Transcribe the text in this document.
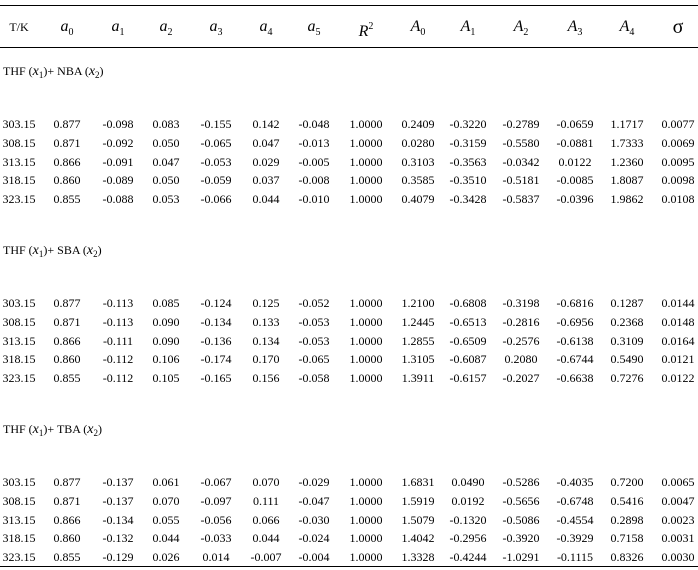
T/K	$a_0$	$a_1$	$a_2$	$a_3$	$a_4$	$a_5$	$R^2$	$A_0$	$A_1$	$A_2$	$A_3$	$A_4$	σ
THF $(x_1)+$ NBA $(x_2)$
303.15	0.877	-0.098	0.083	-0.155	0.142	-0.048	1.0000	0.2409	-0.3220	-0.2789	-0.0659	1.1717	0.0077
308.15	0.871	-0.092	0.050	-0.065	0.047	-0.013	1.0000	0.0280	-0.3159	-0.5580	-0.0881	1.7333	0.0069
313.15	0.866	-0.091	0.047	-0.053	0.029	-0.005	1.0000	0.3103	-0.3563	-0.0342	0.0122	1.2360	0.0095
318.15	0.860	-0.089	0.050	-0.059	0.037	-0.008	1.0000	0.3585	-0.3510	-0.5181	-0.0085	1.8087	0.0098
323.15	0.855	-0.088	0.053	-0.066	0.044	-0.010	1.0000	0.4079	-0.3428	-0.5837	-0.0396	1.9862	0.0108
THF $(x_1)+$ SBA $(x_2)$
303.15	0.877	-0.113	0.085	-0.124	0.125	-0.052	1.0000	1.2100	-0.6808	-0.3198	-0.6816	0.1287	0.0144
308.15	0.871	-0.113	0.090	-0.134	0.133	-0.053	1.0000	1.2445	-0.6513	-0.2816	-0.6956	0.2368	0.0148
313.15	0.866	-0.111	0.090	-0.136	0.134	-0.053	1.0000	1.2855	-0.6509	-0.2576	-0.6138	0.3109	0.0164
318.15	0.860	-0.112	0.106	-0.174	0.170	-0.065	1.0000	1.3105	-0.6087	0.2080	-0.6744	0.5490	0.0121
323.15	0.855	-0.112	0.105	-0.165	0.156	-0.058	1.0000	1.3911	-0.6157	-0.2027	-0.6638	0.7276	0.0122
THF $(x_1)+$ TBA $(x_2)$
303.15	0.877	-0.137	0.061	-0.067	0.070	-0.029	1.0000	1.6831	0.0490	-0.5286	-0.4035	0.7200	0.0065
308.15	0.871	-0.137	0.070	-0.097	0.111	-0.047	1.0000	1.5919	0.0192	-0.5656	-0.6748	0.5416	0.0047
313.15	0.866	-0.134	0.055	-0.056	0.066	-0.030	1.0000	1.5079	-0.1320	-0.5086	-0.4554	0.2898	0.0023
318.15	0.860	-0.132	0.044	-0.033	0.044	-0.024	1.0000	1.4042	-0.2956	-0.3920	-0.3929	0.7158	0.0031
323.15	0.855	-0.129	0.026	0.014	-0.007	-0.004	1.0000	1.3328	-0.4244	-1.0291	-0.1115	0.8326	0.0030
